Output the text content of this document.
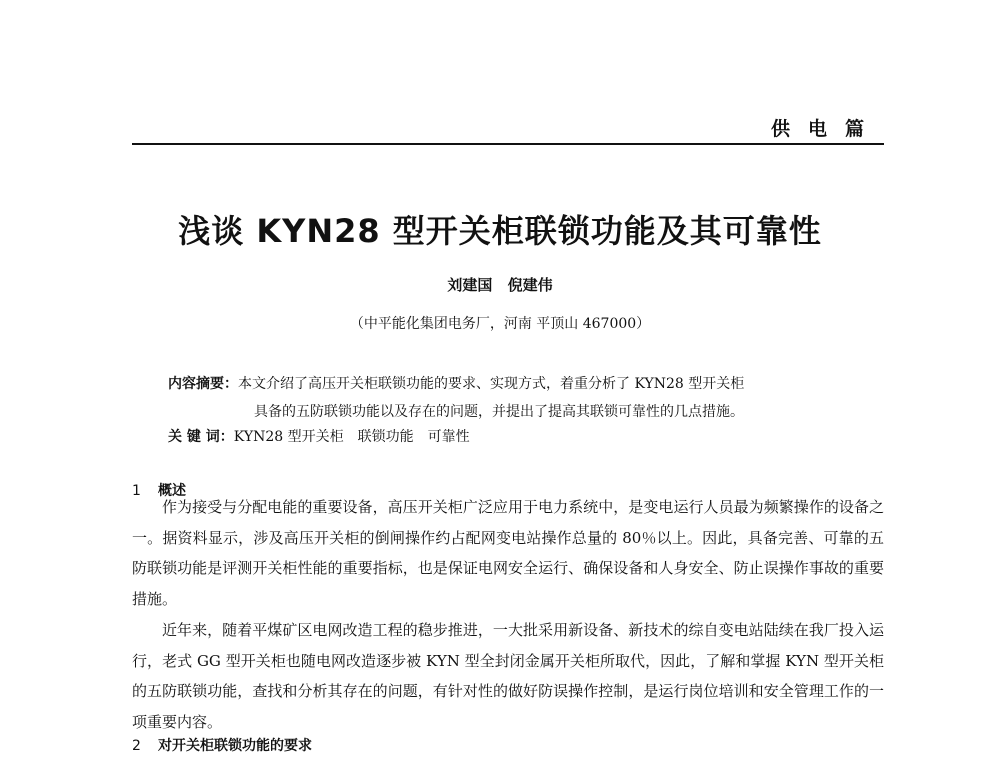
供电篇
浅谈 KYN28 型开关柜联锁功能及其可靠性
刘建国 倪建伟
（中平能化集团电务厂，河南 平顶山 467000）
内容摘要：本文介绍了高压开关柜联锁功能的要求、实现方式，着重分析了 KYN28 型开关柜
具备的五防联锁功能以及存在的问题，并提出了提高其联锁可靠性的几点措施。
关 键 词：KYN28 型开关柜　联锁功能　可靠性
1 概述

作为接受与分配电能的重要设备，高压开关柜广泛应用于电力系统中，是变电运行人员最为频繁操作的设备之一。据资料显示，涉及高压开关柜的倒闸操作约占配网变电站操作总量的 80％以上。因此，具备完善、可靠的五防联锁功能是评测开关柜性能的重要指标，也是保证电网安全运行、确保设备和人身安全、防止误操作事故的重要措施。

近年来，随着平煤矿区电网改造工程的稳步推进，一大批采用新设备、新技术的综自变电站陆续在我厂投入运行，老式 GG 型开关柜也随电网改造逐步被 KYN 型全封闭金属开关柜所取代，因此，了解和掌握 KYN 型开关柜的五防联锁功能，查找和分析其存在的问题，有针对性的做好防误操作控制，是运行岗位培训和安全管理工作的一项重要内容。

2 对开关柜联锁功能的要求
